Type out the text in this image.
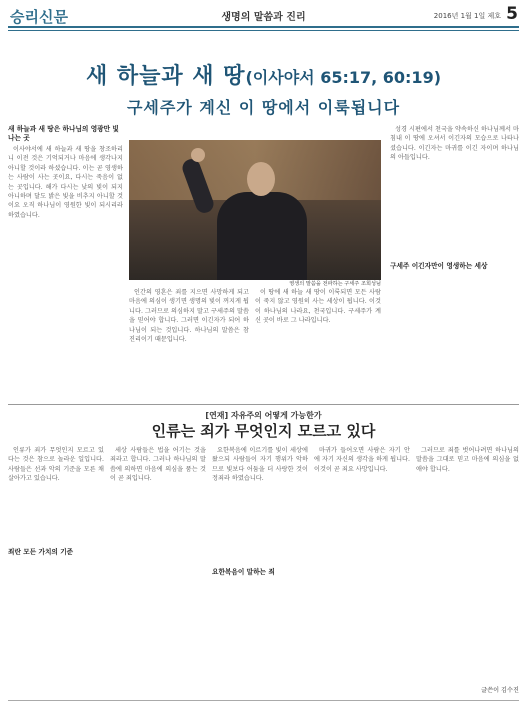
승리신문	생명의 말씀과 진리	2016년 1월 1일 제호 5
새 하늘과 새 땅(이사야서 65:17, 60:19)
구세주가 계신 이 땅에서 이룩됩니다
새 하늘과 새 땅은 하나님의 영광만 빛나는 곳

이사야서에 새 하늘과 새 땅을 창조하리니 이전 것은 기억되거나 마음에 생각나지 아니할 것이라 하셨습니다. 이는 곧 영생하는 사람이 사는 곳이요, 다시는 죽음이 없는 곳입니다. 해가 다시는 낮의 빛이 되지 아니하며 달도 밝은 빛을 비추지 아니할 것이요 오직 하나님이 영원한 빛이 되시리라 하였습니다.

인간의 영혼은 죄를 지으면 사망하게 되고 마음에 의심이 생기면 생명의 빛이 꺼지게 됩니다. 그러므로 의심하지 말고 구세주의 말씀을 믿어야 합니다. 그러면 이긴자가 되어 하나님이 되는 것입니다. 하나님의 말씀은 참 진리이기 때문입니다.

영생의 말씀을 전파하는 구세주 조희성님

이 땅에 새 하늘 새 땅이 이룩되면 모든 사람이 죽지 않고 영원히 사는 세상이 됩니다. 이것이 하나님의 나라요, 천국입니다. 구세주가 계신 곳이 바로 그 나라입니다.

성경 시편에서 천국을 약속하신 하나님께서 마침내 이 땅에 오셔서 이긴자의 모습으로 나타나셨습니다. 이긴자는 마귀를 이긴 자이며 하나님의 아들입니다.

구세주 이긴자만이 영생하는 세상
[연재] 자유주의 어떻게 가능한가
인류는 죄가 무엇인지 모르고 있다

인류가 죄가 무엇인지 모르고 있다는 것은 참으로 놀라운 일입니다. 사람들은 선과 악의 기준을 모른 채 살아가고 있습니다.

죄란 모든 가치의 기준

세상 사람들은 법을 어기는 것을 죄라고 합니다. 그러나 하나님의 말씀에 의하면 마음에 의심을 품는 것이 곧 죄입니다.

요한복음에 이르기를 빛이 세상에 왔으되 사람들이 자기 행위가 악하므로 빛보다 어둠을 더 사랑한 것이 정죄라 하였습니다.

요한복음이 말하는 죄

마귀가 들어오면 사람은 자기 안에 자기 자신의 생각을 하게 됩니다. 이것이 곧 죄요 사망입니다.

그러므로 죄를 벗어나려면 하나님의 말씀을 그대로 믿고 마음에 의심을 없애야 합니다.

글쓴이 김수진
